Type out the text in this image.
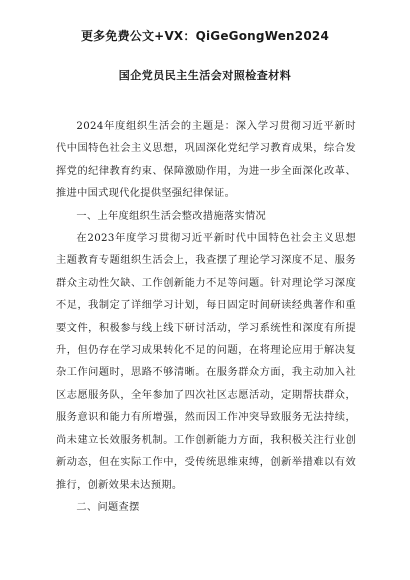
更多免费公文+VX：QiGeGongWen2024
国企党员民主生活会对照检查材料

2024年度组织生活会的主题是：深入学习贯彻习近平新时代中国特色社会主义思想，巩固深化党纪学习教育成果，综合发挥党的纪律教育约束、保障激励作用，为进一步全面深化改革、推进中国式现代化提供坚强纪律保证。

一、上年度组织生活会整改措施落实情况

在2023年度学习贯彻习近平新时代中国特色社会主义思想主题教育专题组织生活会上，我查摆了理论学习深度不足、服务群众主动性欠缺、工作创新能力不足等问题。针对理论学习深度不足，我制定了详细学习计划，每日固定时间研读经典著作和重要文件，积极参与线上线下研讨活动，学习系统性和深度有所提升，但仍存在学习成果转化不足的问题，在将理论应用于解决复杂工作问题时，思路不够清晰。在服务群众方面，我主动加入社区志愿服务队，全年参加了四次社区志愿活动，定期帮扶群众，服务意识和能力有所增强，然而因工作冲突导致服务无法持续，尚未建立长效服务机制。工作创新能力方面，我积极关注行业创新动态，但在实际工作中，受传统思维束缚，创新举措难以有效推行，创新效果未达预期。

二、问题查摆
